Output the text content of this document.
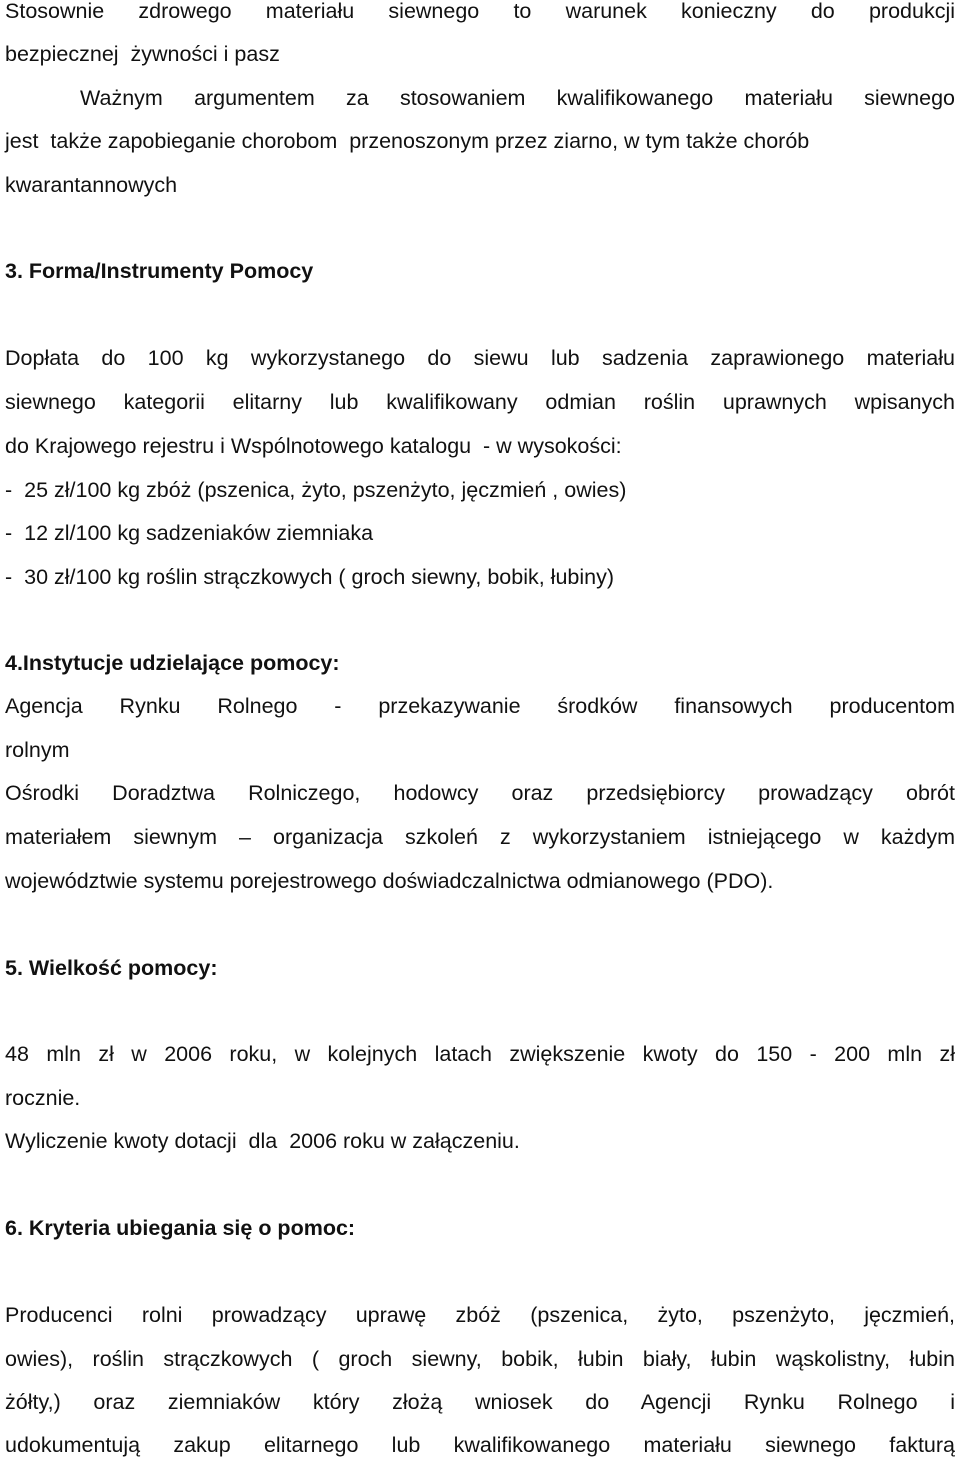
Stosownie zdrowego materiału siewnego to warunek konieczny do produkcji
bezpiecznej  żywności i pasz
Ważnym argumentem za stosowaniem kwalifikowanego materiału siewnego
jest  także zapobieganie chorobom  przenoszonym przez ziarno, w tym także chorób
kwarantannowych
3. Forma/Instrumenty Pomocy
Dopłata do 100 kg wykorzystanego do siewu lub sadzenia zaprawionego materiału
siewnego kategorii elitarny lub kwalifikowany odmian roślin uprawnych wpisanych
do Krajowego rejestru i Wspólnotowego katalogu  - w wysokości:
-  25 zł/100 kg zbóż (pszenica, żyto, pszenżyto, jęczmień , owies)
-  12 zl/100 kg sadzeniaków ziemniaka
-  30 zł/100 kg roślin strączkowych ( groch siewny, bobik, łubiny)
4.Instytucje udzielające pomocy:
Agencja Rynku Rolnego - przekazywanie środków finansowych producentom
rolnym
Ośrodki Doradztwa Rolniczego, hodowcy oraz przedsiębiorcy prowadzący obrót
materiałem siewnym – organizacja szkoleń z wykorzystaniem istniejącego w każdym
województwie systemu porejestrowego doświadczalnictwa odmianowego (PDO).
5. Wielkość pomocy:
48 mln zł w 2006 roku, w kolejnych latach zwiększenie kwoty do 150 - 200 mln zł
rocznie.
Wyliczenie kwoty dotacji  dla  2006 roku w załączeniu.
6. Kryteria ubiegania się o pomoc:
Producenci rolni prowadzący uprawę zbóż (pszenica, żyto, pszenżyto, jęczmień,
owies), roślin strączkowych ( groch siewny, bobik, łubin biały, łubin wąskolistny, łubin
żółty,) oraz ziemniaków który złożą wniosek do Agencji Rynku Rolnego i
udokumentują zakup elitarnego lub kwalifikowanego materiału siewnego fakturą
